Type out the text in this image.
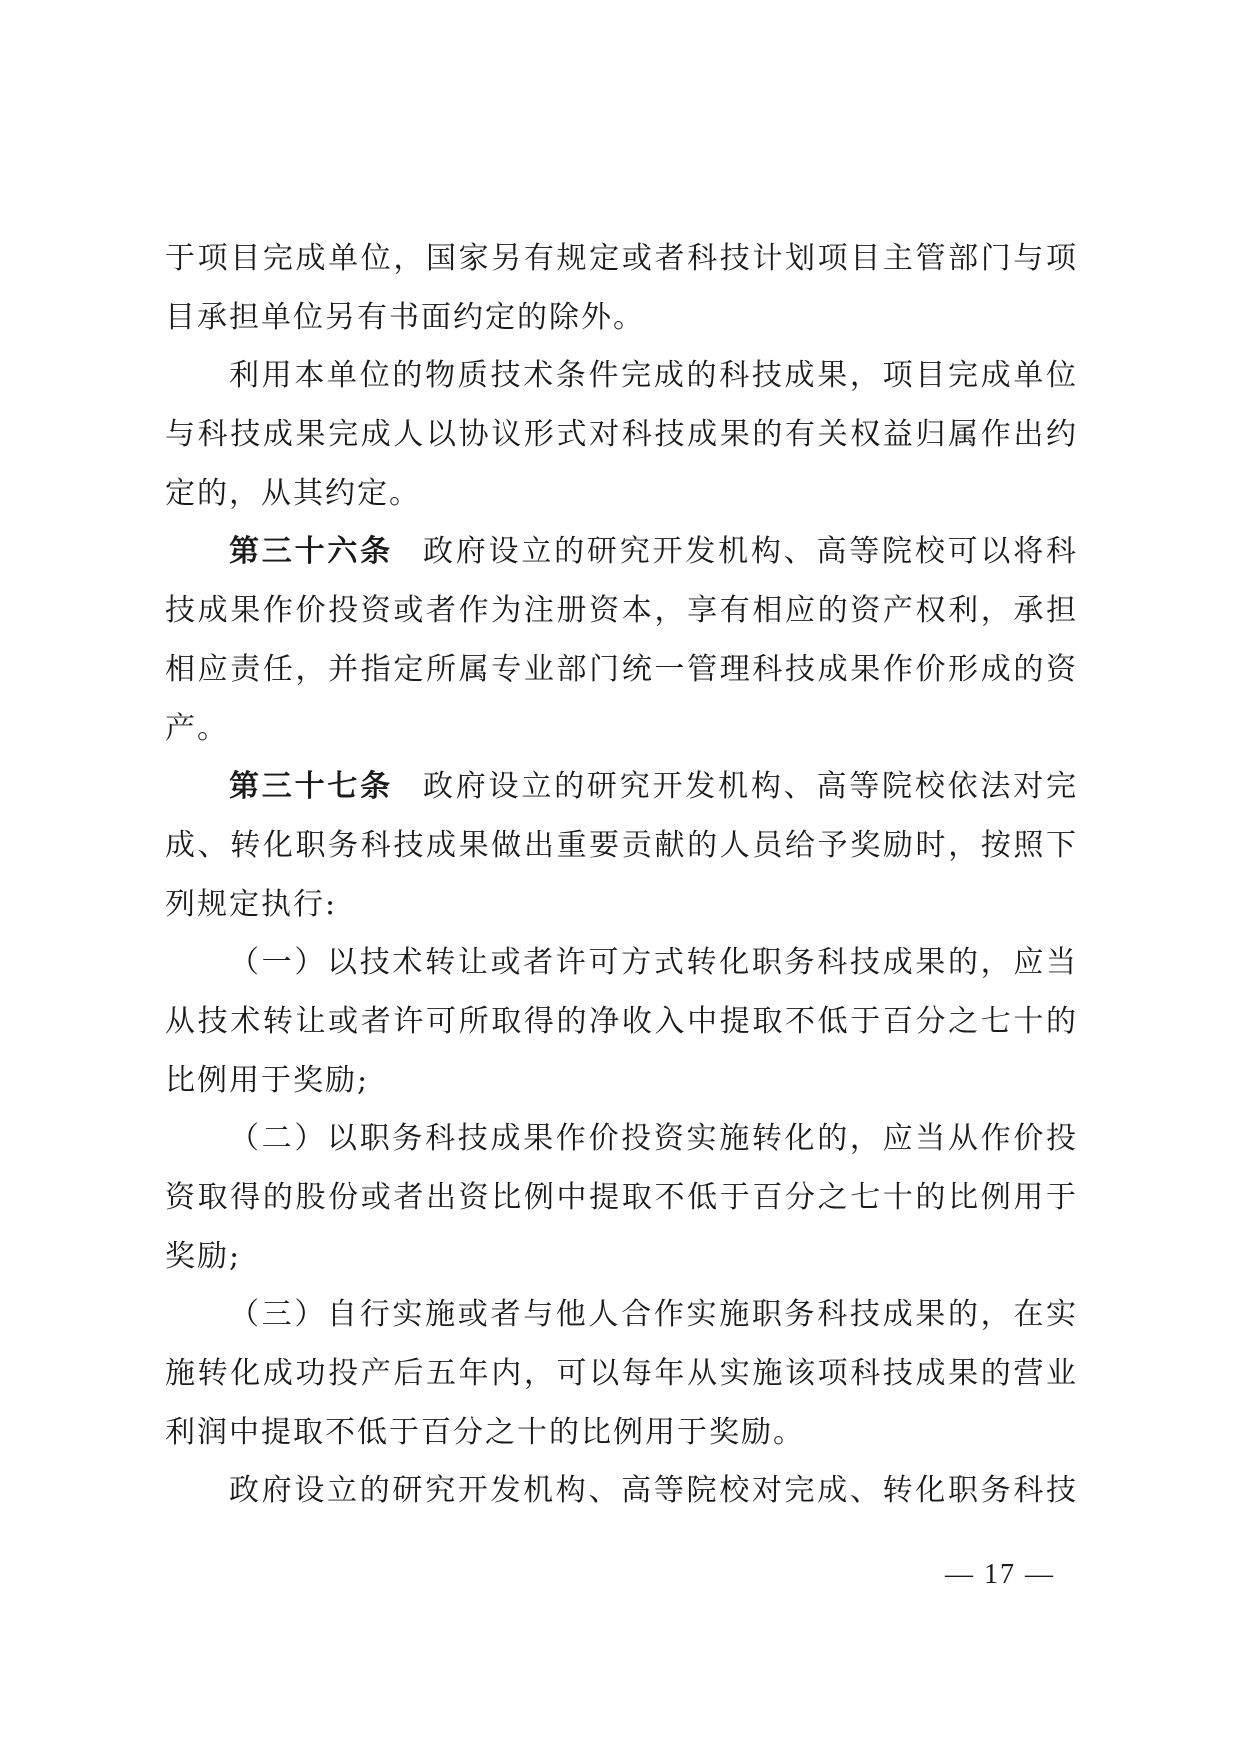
于项目完成单位，国家另有规定或者科技计划项目主管部门与项
目承担单位另有书面约定的除外。
利用本单位的物质技术条件完成的科技成果，项目完成单位
与科技成果完成人以协议形式对科技成果的有关权益归属作出约
定的，从其约定。
第三十六条 政府设立的研究开发机构、高等院校可以将科
技成果作价投资或者作为注册资本，享有相应的资产权利，承担
相应责任，并指定所属专业部门统一管理科技成果作价形成的资
产。
第三十七条 政府设立的研究开发机构、高等院校依法对完
成、转化职务科技成果做出重要贡献的人员给予奖励时，按照下
列规定执行:
（一）以技术转让或者许可方式转化职务科技成果的，应当
从技术转让或者许可所取得的净收入中提取不低于百分之七十的
比例用于奖励;
（二）以职务科技成果作价投资实施转化的，应当从作价投
资取得的股份或者出资比例中提取不低于百分之七十的比例用于
奖励;
（三）自行实施或者与他人合作实施职务科技成果的，在实
施转化成功投产后五年内，可以每年从实施该项科技成果的营业
利润中提取不低于百分之十的比例用于奖励。
政府设立的研究开发机构、高等院校对完成、转化职务科技
— 17 —
